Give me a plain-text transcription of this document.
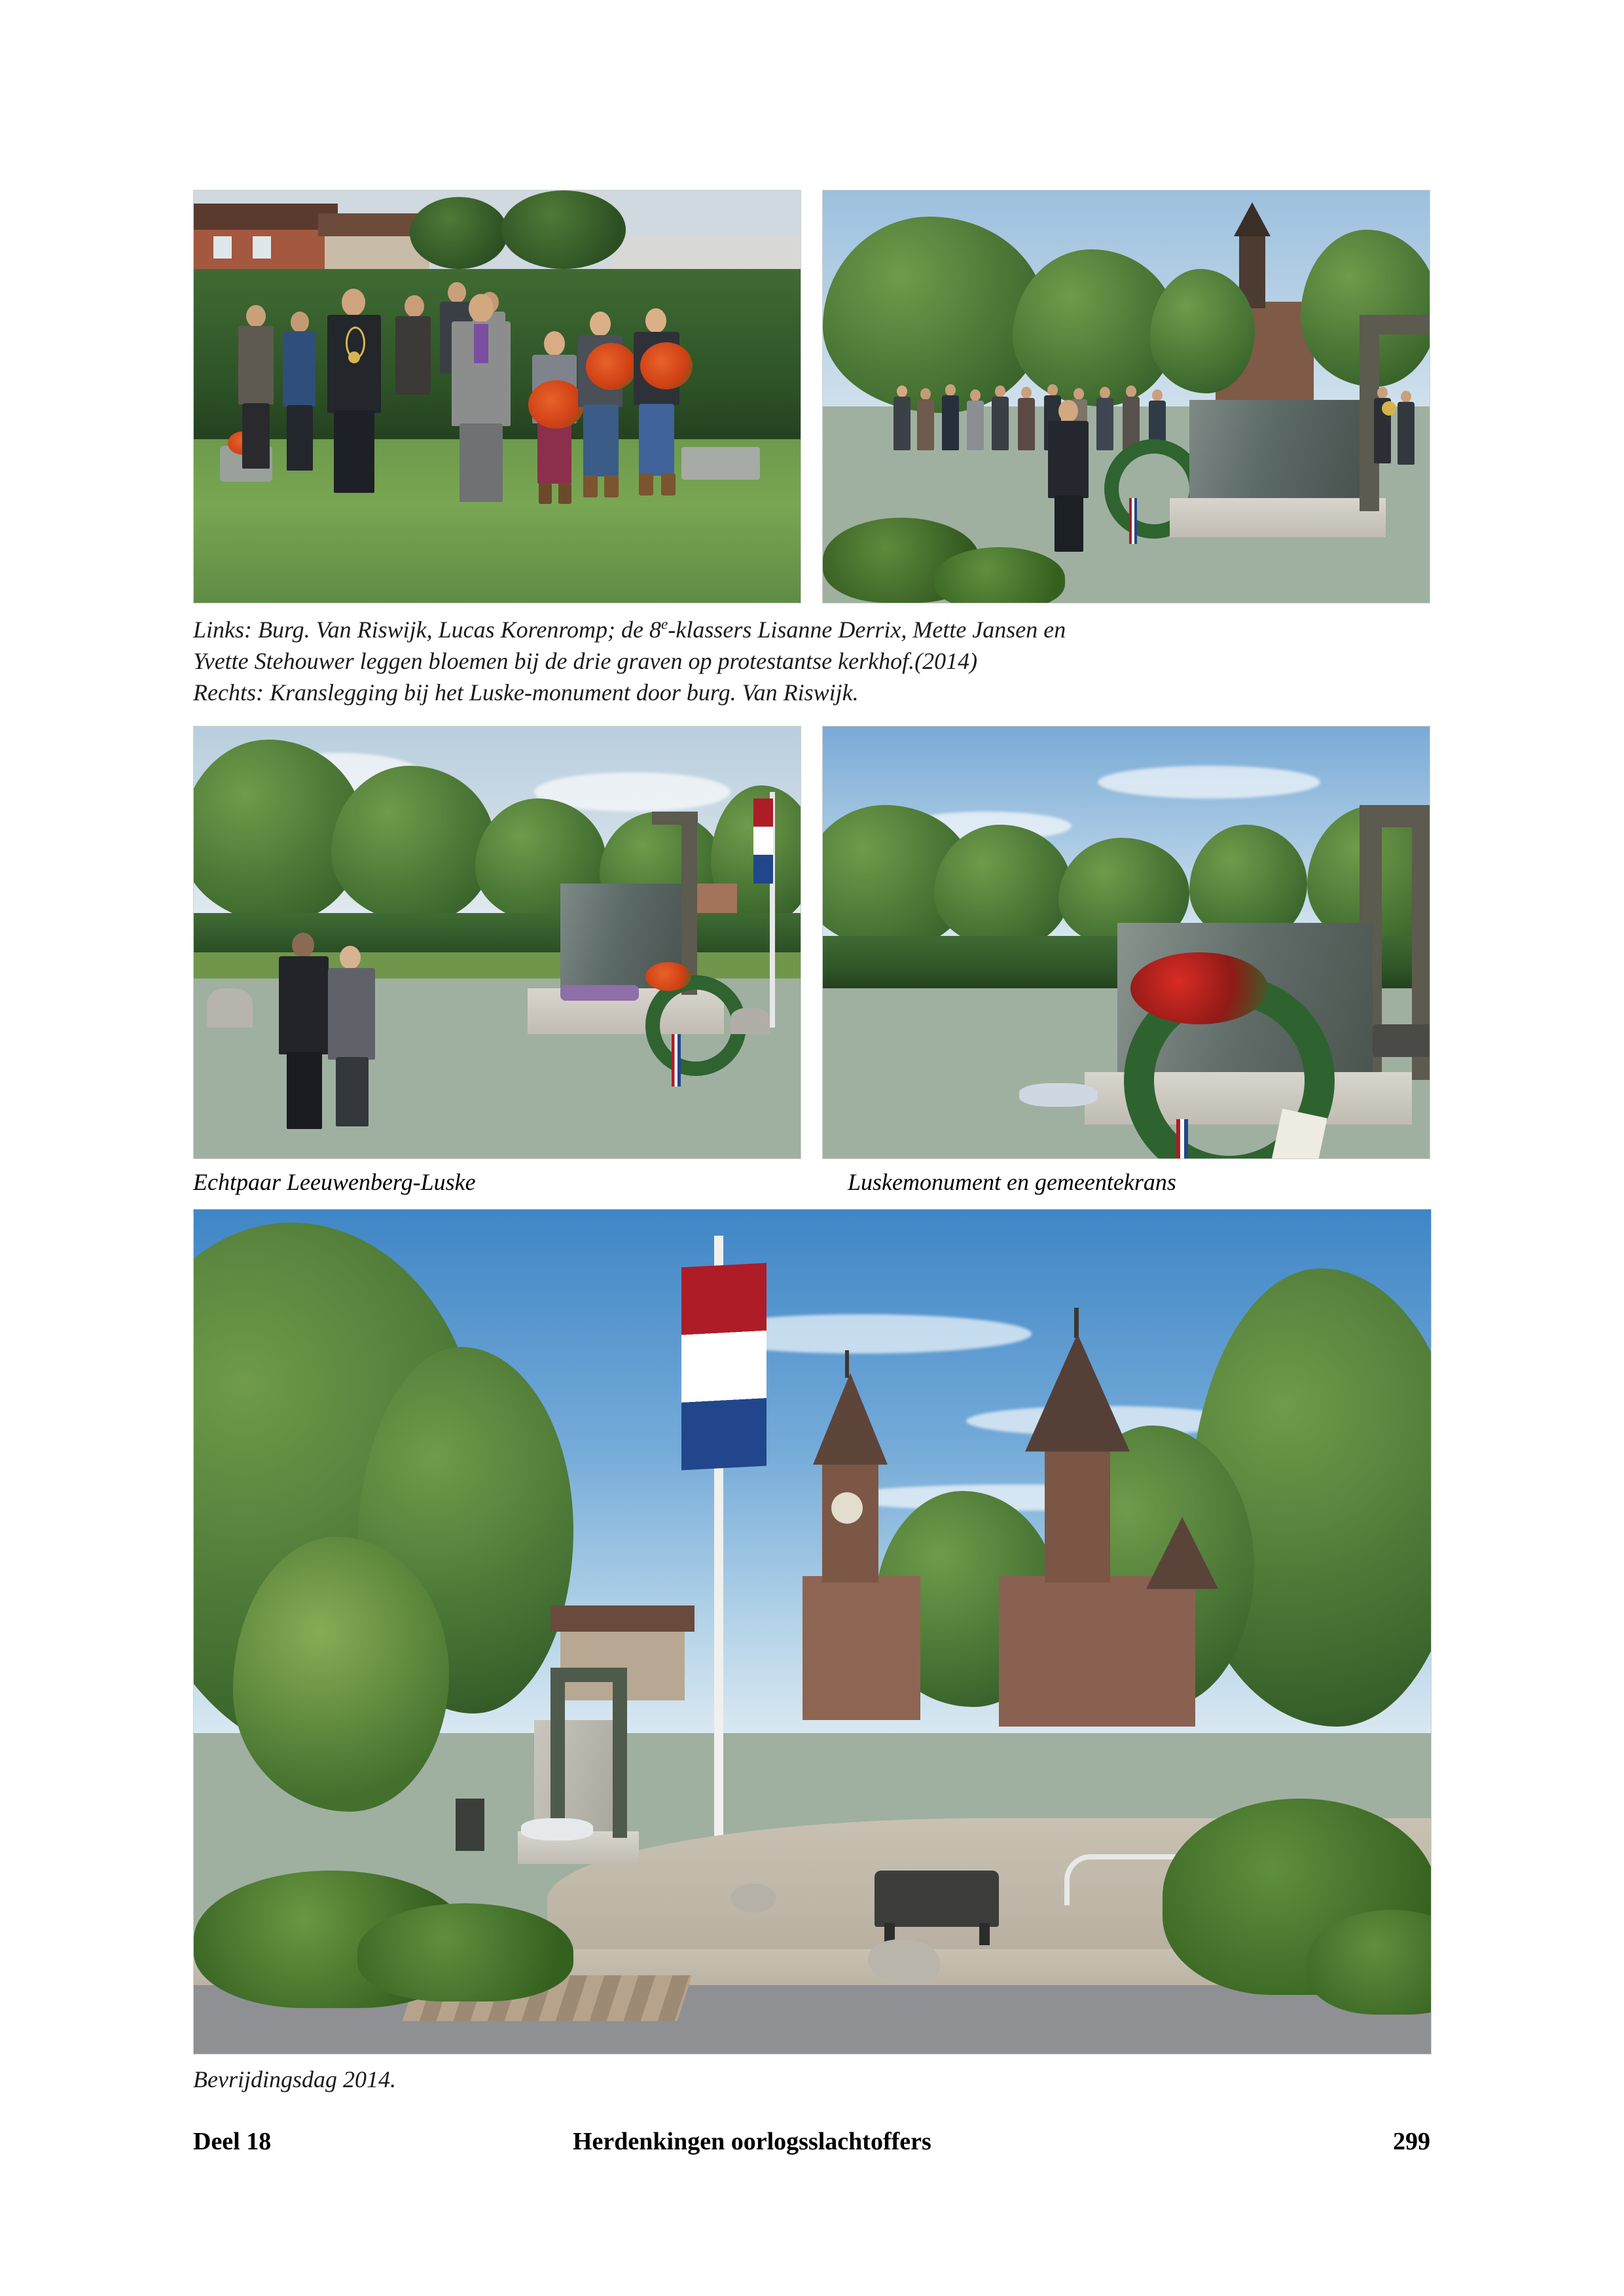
Links: Burg. Van Riswijk, Lucas Korenromp; de 8e-klassers Lisanne Derrix, Mette Jansen en
Yvette Stehouwer leggen bloemen bij de drie graven op protestantse kerkhof.(2014)
Rechts: Kranslegging bij het Luske-monument door burg. Van Riswijk.
Echtpaar Leeuwenberg-Luske	Luskemonument en gemeentekrans
Bevrijdingsdag 2014.
Deel 18	Herdenkingen oorlogsslachtoffers	299
